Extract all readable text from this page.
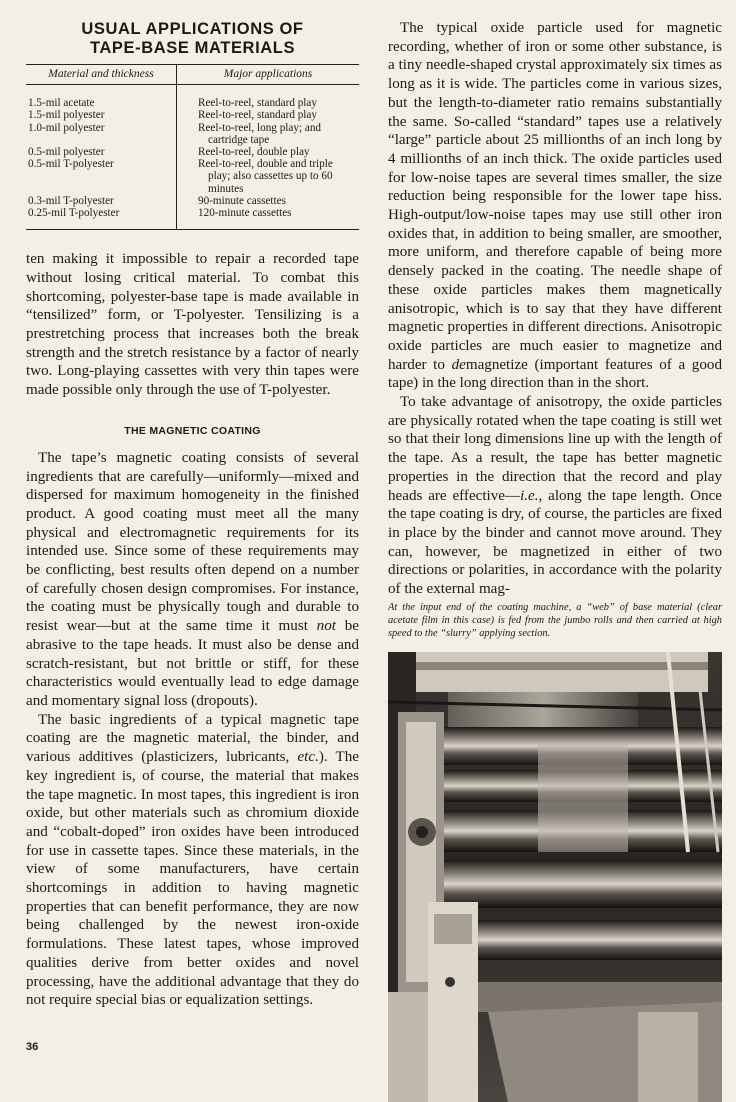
USUAL APPLICATIONS OF
TAPE-BASE MATERIALS
Material and thickness	Major applications

1.5-mil acetate	Reel-to-reel, standard play
1.5-mil polyester	Reel-to-reel, standard play
1.0-mil polyester	Reel-to-reel, long play; and
	cartridge tape
0.5-mil polyester	Reel-to-reel, double play
0.5-mil T-polyester	Reel-to-reel, double and triple
	play; also cassettes up to 60
	minutes
0.3-mil T-polyester	90-minute cassettes
0.25-mil T-polyester	120-minute cassettes

ten making it impossible to repair a recorded tape without losing critical material. To combat this shortcoming, polyester-base tape is made available in “tensilized” form, or T-polyester. Tensilizing is a prestretching process that increases both the break strength and the stretch resistance by a factor of nearly two. Long-playing cassettes with very thin tapes were made possible only through the use of T-polyester.

THE MAGNETIC COATING

The tape’s magnetic coating consists of several ingredients that are carefully—uniformly—mixed and dispersed for maximum homogeneity in the finished product. A good coating must meet all the many physical and electromagnetic requirements for its intended use. Since some of these requirements may be conflicting, best results often depend on a number of carefully chosen design compromises. For instance, the coating must be physically tough and durable to resist wear—but at the same time it must not be abrasive to the tape heads. It must also be dense and scratch-resistant, but not brittle or stiff, for these characteristics would eventually lead to edge damage and momentary signal loss (dropouts).

The basic ingredients of a typical magnetic tape coating are the magnetic material, the binder, and various additives (plasticizers, lubricants, etc.). The key ingredient is, of course, the material that makes the tape magnetic. In most tapes, this ingredient is iron oxide, but other materials such as chromium dioxide and “cobalt-doped” iron oxides have been introduced for use in cassette tapes. Since these materials, in the view of some manufacturers, have certain shortcomings in addition to having magnetic properties that can benefit performance, they are now being challenged by the newest iron-oxide formulations. These latest tapes, whose improved qualities derive from better oxides and novel processing, have the additional advantage that they do not require special bias or equalization settings.

36

The typical oxide particle used for magnetic recording, whether of iron or some other substance, is a tiny needle-shaped crystal approximately six times as long as it is wide. The particles come in various sizes, but the length-to-diameter ratio remains substantially the same. So-called “standard” tapes use a relatively “large” particle about 25 millionths of an inch long by 4 millionths of an inch thick. The oxide particles used for low-noise tapes are several times smaller, the size reduction being responsible for the lower tape hiss. High-output/low-noise tapes may use still other iron oxides that, in addition to being smaller, are smoother, more uniform, and therefore capable of being more densely packed in the coating. The needle shape of these oxide particles makes them magnetically anisotropic, which is to say that they have different magnetic properties in different directions. Anisotropic oxide particles are much easier to magnetize and harder to demagnetize (important features of a good tape) in the long direction than in the short.

To take advantage of anisotropy, the oxide particles are physically rotated when the tape coating is still wet so that their long dimensions line up with the length of the tape. As a result, the tape has better magnetic properties in the direction that the record and play heads are effective—i.e., along the tape length. Once the tape coating is dry, of course, the particles are fixed in place by the binder and cannot move around. They can, however, be magnetized in either of two directions or polarities, in accordance with the polarity of the external mag-

At the input end of the coating machine, a “web” of base material (clear acetate film in this case) is fed from the jumbo rolls and then carried at high speed to the “slurry” applying section.
